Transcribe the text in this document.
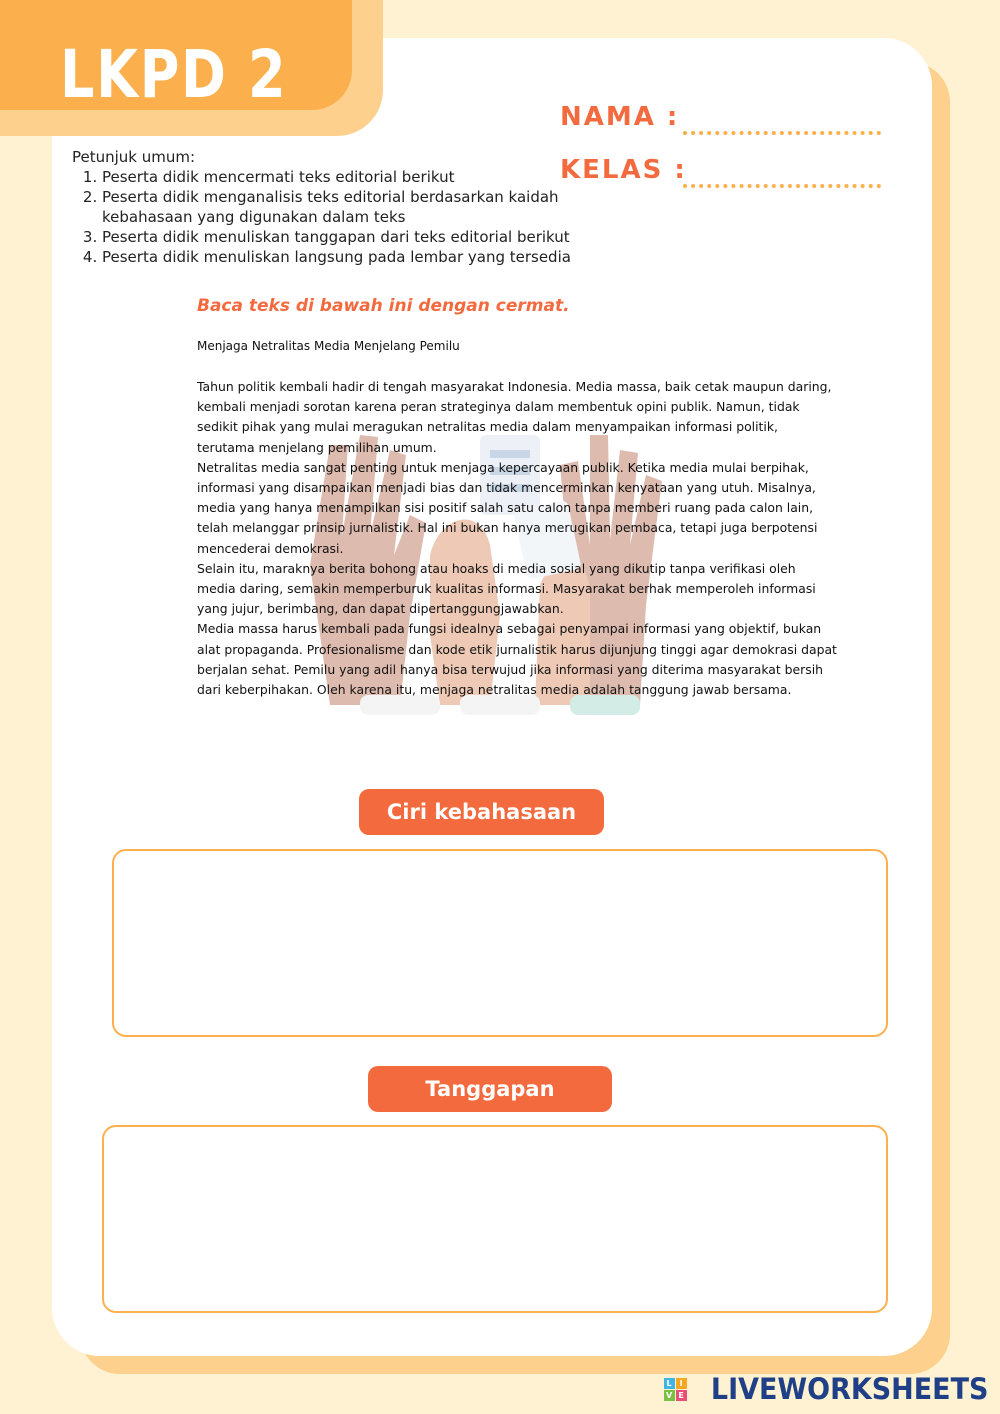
LKPD 2

NAMA :

KELAS :

Petunjuk umum:
1. Peserta didik mencermati teks editorial berikut
2. Peserta didik menganalisis teks editorial berdasarkan kaidah kebahasaan yang digunakan dalam teks
3. Peserta didik menuliskan tanggapan dari teks editorial berikut
4. Peserta didik menuliskan langsung pada lembar yang tersedia

Baca teks di bawah ini dengan cermat.

Menjaga Netralitas Media Menjelang Pemilu

Tahun politik kembali hadir di tengah masyarakat Indonesia. Media massa, baik cetak maupun daring, kembali menjadi sorotan karena peran strateginya dalam membentuk opini publik. Namun, tidak sedikit pihak yang mulai meragukan netralitas media dalam menyampaikan informasi politik, terutama menjelang pemilihan umum.

Netralitas media sangat penting untuk menjaga kepercayaan publik. Ketika media mulai berpihak, informasi yang disampaikan menjadi bias dan tidak mencerminkan kenyataan yang utuh. Misalnya, media yang hanya menampilkan sisi positif salah satu calon tanpa memberi ruang pada calon lain, telah melanggar prinsip jurnalistik. Hal ini bukan hanya merugikan pembaca, tetapi juga berpotensi mencederai demokrasi.

Selain itu, maraknya berita bohong atau hoaks di media sosial yang dikutip tanpa verifikasi oleh media daring, semakin memperburuk kualitas informasi. Masyarakat berhak memperoleh informasi yang jujur, berimbang, dan dapat dipertanggungjawabkan.

Media massa harus kembali pada fungsi idealnya sebagai penyampai informasi yang objektif, bukan alat propaganda. Profesionalisme dan kode etik jurnalistik harus dijunjung tinggi agar demokrasi dapat berjalan sehat. Pemilu yang adil hanya bisa terwujud jika informasi yang diterima masyarakat bersih dari keberpihakan. Oleh karena itu, menjaga netralitas media adalah tanggung jawab bersama.

Ciri kebahasaan
Tanggapan
L I
V E LIVEWORKSHEETS
